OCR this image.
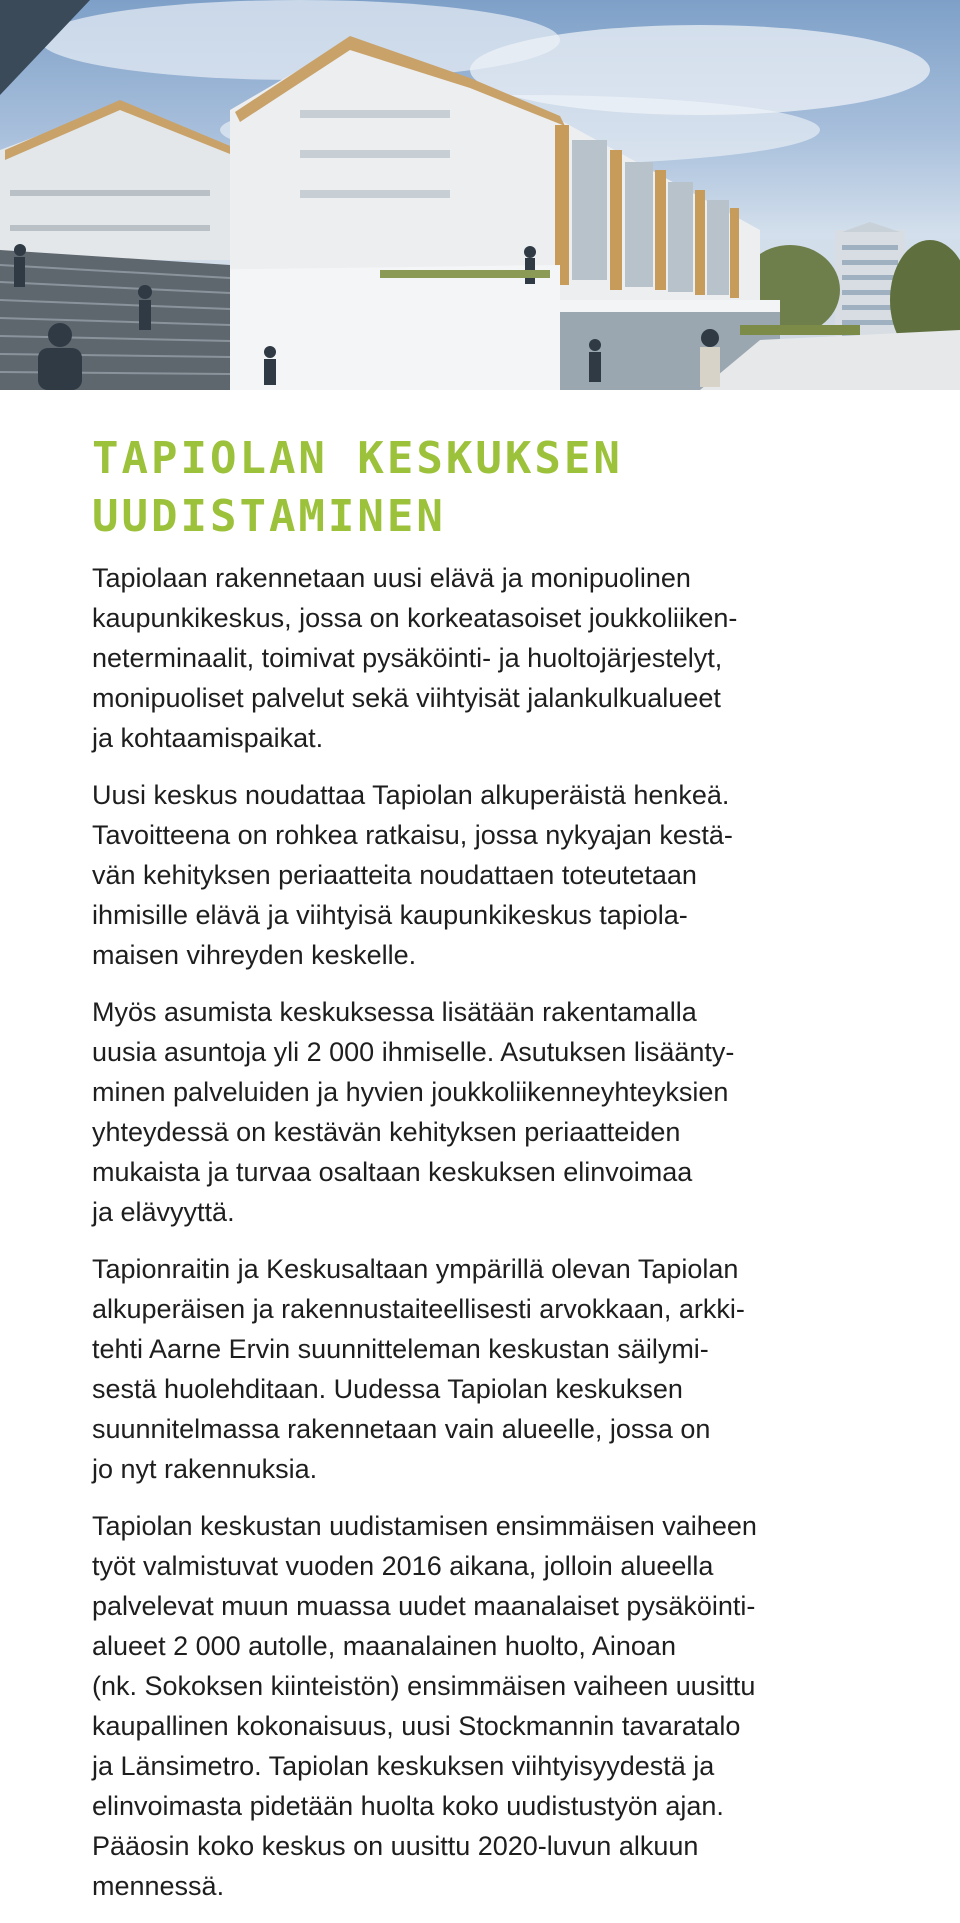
TAPIOLAN KESKUKSEN
UUDISTAMINEN

Tapiolaan rakennetaan uusi elävä ja monipuolinen
kaupunkikeskus, jossa on korkeatasoiset joukkoliiken-
neterminaalit, toimivat pysäköinti- ja huoltojärjestelyt,
monipuoliset palvelut sekä viihtyisät jalankulkualueet
ja kohtaamispaikat.

Uusi keskus noudattaa Tapiolan alkuperäistä henkeä.
Tavoitteena on rohkea ratkaisu, jossa nykyajan kestä-
vän kehityksen periaatteita noudattaen toteutetaan
ihmisille elävä ja viihtyisä kaupunkikeskus tapiola-
maisen vihreyden keskelle.

Myös asumista keskuksessa lisätään rakentamalla
uusia asuntoja yli 2 000 ihmiselle. Asutuksen lisäänty-
minen palveluiden ja hyvien joukkoliikenneyhteyksien
yhteydessä on kestävän kehityksen periaatteiden
mukaista ja turvaa osaltaan keskuksen elinvoimaa
ja elävyyttä.

Tapionraitin ja Keskusaltaan ympärillä olevan Tapiolan
alkuperäisen ja rakennustaiteellisesti arvokkaan, arkki-
tehti Aarne Ervin suunnitteleman keskustan säilymi-
sestä huolehditaan. Uudessa Tapiolan keskuksen
suunnitelmassa rakennetaan vain alueelle, jossa on
jo nyt rakennuksia.

Tapiolan keskustan uudistamisen ensimmäisen vaiheen
työt valmistuvat vuoden 2016 aikana, jolloin alueella
palvelevat muun muassa uudet maanalaiset pysäköinti-
alueet 2 000 autolle, maanalainen huolto, Ainoan
(nk. Sokoksen kiinteistön) ensimmäisen vaiheen uusittu
kaupallinen kokonaisuus, uusi Stockmannin tavaratalo
ja Länsimetro. Tapiolan keskuksen viihtyisyydestä ja
elinvoimasta pidetään huolta koko uudistustyön ajan.
Pääosin koko keskus on uusittu 2020-luvun alkuun
mennessä.
